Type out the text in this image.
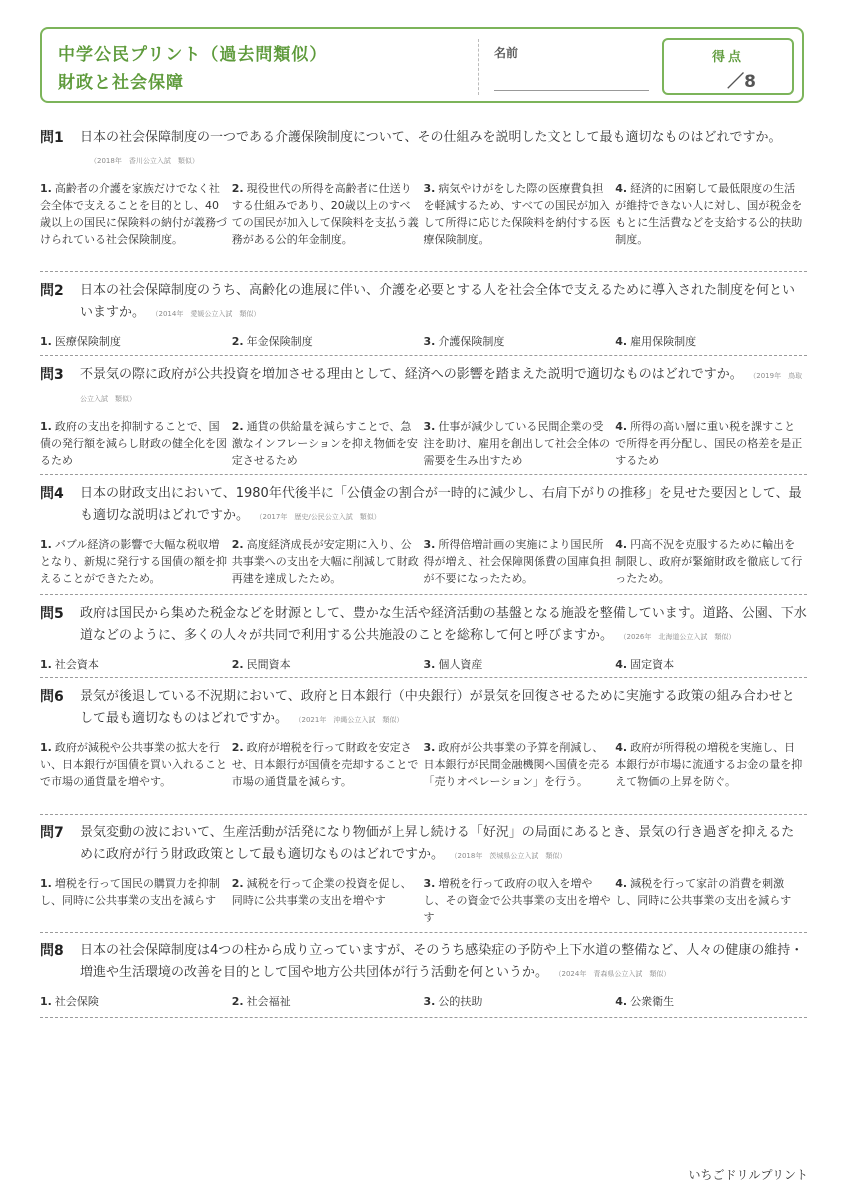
中学公民プリント（過去問類似）
財政と社会保障
名前	得点
／8
問1 日本の社会保障制度の一つである介護保険制度について、その仕組みを説明した文として最も適切なものはどれですか。（2018年　香川公立入試　類似）
1. 高齢者の介護を家族だけでなく社会全体で支えることを目的とし、40歳以上の国民に保険料の納付が義務づけられている社会保険制度。
2. 現役世代の所得を高齢者に仕送りする仕組みであり、20歳以上のすべての国民が加入して保険料を支払う義務がある公的年金制度。
3. 病気やけがをした際の医療費負担を軽減するため、すべての国民が加入して所得に応じた保険料を納付する医療保険制度。
4. 経済的に困窮して最低限度の生活が維持できない人に対し、国が税金をもとに生活費などを支給する公的扶助制度。
問2 日本の社会保障制度のうち、高齢化の進展に伴い、介護を必要とする人を社会全体で支えるために導入された制度を何といいますか。 （2014年　愛媛公立入試　類似）
1. 医療保険制度	2. 年金保険制度	3. 介護保険制度	4. 雇用保険制度
問3 不景気の際に政府が公共投資を増加させる理由として、経済への影響を踏まえた説明で適切なものはどれですか。 （2019年　鳥取公立入試　類似）
1. 政府の支出を抑制することで、国債の発行額を減らし財政の健全化を図るため
2. 通貨の供給量を減らすことで、急激なインフレーションを抑え物価を安定させるため
3. 仕事が減少している民間企業の受注を助け、雇用を創出して社会全体の需要を生み出すため
4. 所得の高い層に重い税を課すことで所得を再分配し、国民の格差を是正するため
問4 日本の財政支出において、1980年代後半に「公債金の割合が一時的に減少し、右肩下がりの推移」を見せた要因として、最も適切な説明はどれですか。 （2017年　歴史/公民公立入試　類似）
1. バブル経済の影響で大幅な税収増となり、新規に発行する国債の額を抑えることができたため。
2. 高度経済成長が安定期に入り、公共事業への支出を大幅に削減して財政再建を達成したため。
3. 所得倍増計画の実施により国民所得が増え、社会保障関係費の国庫負担が不要になったため。
4. 円高不況を克服するために輸出を制限し、政府が緊縮財政を徹底して行ったため。
問5 政府は国民から集めた税金などを財源として、豊かな生活や経済活動の基盤となる施設を整備しています。道路、公園、下水道などのように、多くの人々が共同で利用する公共施設のことを総称して何と呼びますか。 （2026年　北海道公立入試　類似）
1. 社会資本	2. 民間資本	3. 個人資産	4. 固定資本
問6 景気が後退している不況期において、政府と日本銀行（中央銀行）が景気を回復させるために実施する政策の組み合わせとして最も適切なものはどれですか。 （2021年　沖縄公立入試　類似）
1. 政府が減税や公共事業の拡大を行い、日本銀行が国債を買い入れることで市場の通貨量を増やす。
2. 政府が増税を行って財政を安定させ、日本銀行が国債を売却することで市場の通貨量を減らす。
3. 政府が公共事業の予算を削減し、日本銀行が民間金融機関へ国債を売る「売りオペレーション」を行う。
4. 政府が所得税の増税を実施し、日本銀行が市場に流通するお金の量を抑えて物価の上昇を防ぐ。
問7 景気変動の波において、生産活動が活発になり物価が上昇し続ける「好況」の局面にあるとき、景気の行き過ぎを抑えるために政府が行う財政政策として最も適切なものはどれですか。 （2018年　茨城県公立入試　類似）
1. 増税を行って国民の購買力を抑制し、同時に公共事業の支出を減らす
2. 減税を行って企業の投資を促し、同時に公共事業の支出を増やす
3. 増税を行って政府の収入を増やし、その資金で公共事業の支出を増やす
4. 減税を行って家計の消費を刺激し、同時に公共事業の支出を減らす
問8 日本の社会保障制度は4つの柱から成り立っていますが、そのうち感染症の予防や上下水道の整備など、人々の健康の維持・増進や生活環境の改善を目的として国や地方公共団体が行う活動を何というか。 （2024年　青森県公立入試　類似）
1. 社会保険	2. 社会福祉	3. 公的扶助	4. 公衆衛生
いちごドリルプリント
